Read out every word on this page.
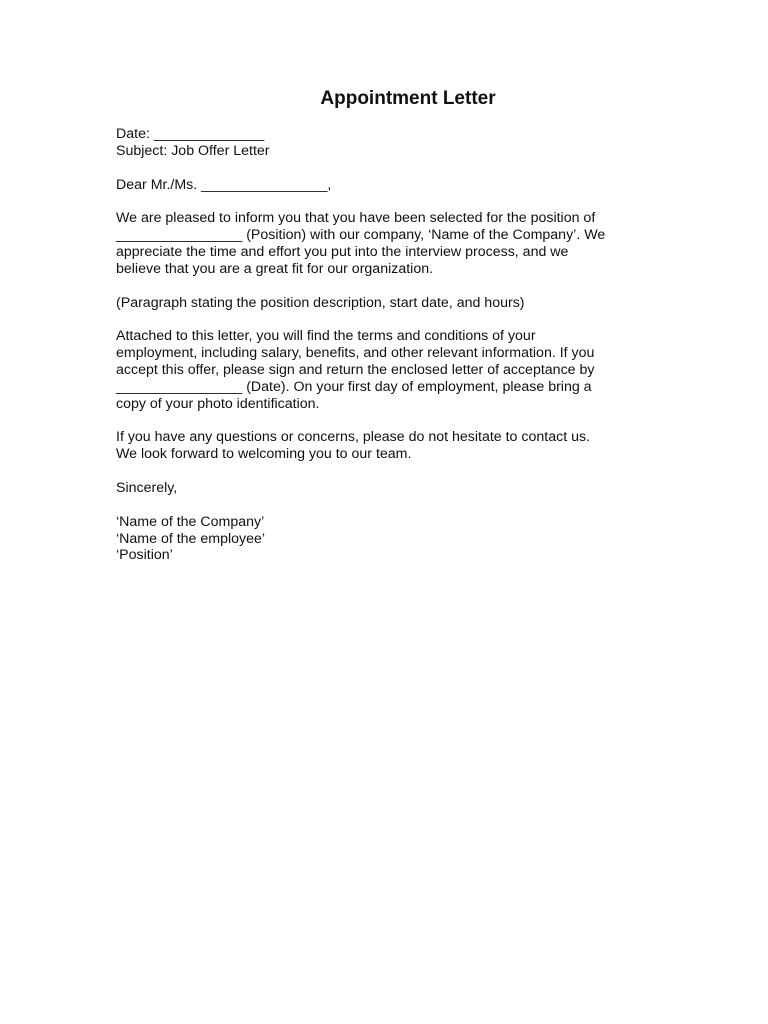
Appointment Letter
Date: ______________
Subject: Job Offer Letter
Dear Mr./Ms. ________________,
We are pleased to inform you that you have been selected for the position of
________________ (Position) with our company, ‘Name of the Company’. We
appreciate the time and effort you put into the interview process, and we
believe that you are a great fit for our organization.
(Paragraph stating the position description, start date, and hours)
Attached to this letter, you will find the terms and conditions of your
employment, including salary, benefits, and other relevant information. If you
accept this offer, please sign and return the enclosed letter of acceptance by
________________ (Date). On your first day of employment, please bring a
copy of your photo identification.
If you have any questions or concerns, please do not hesitate to contact us.
We look forward to welcoming you to our team.
Sincerely,
‘Name of the Company’
‘Name of the employee’
‘Position’
